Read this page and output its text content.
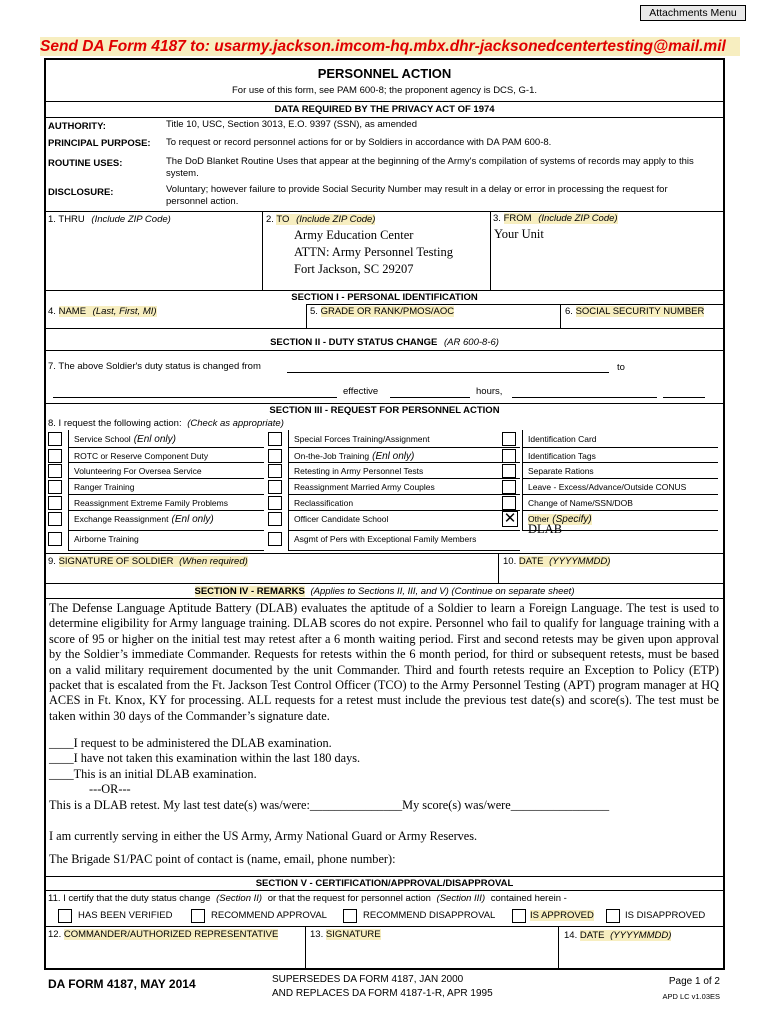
Attachments Menu
Send DA Form 4187 to: usarmy.jackson.imcom-hq.mbx.dhr-jacksonedcentertesting@mail.mil
PERSONNEL ACTION
For use of this form, see PAM 600-8; the proponent agency is DCS, G-1.
DATA REQUIRED BY THE PRIVACY ACT OF 1974
AUTHORITY:	Title 10, USC, Section 3013, E.O. 9397 (SSN), as amended
PRINCIPAL PURPOSE: To request or record personnel actions for or by Soldiers in accordance with DA PAM 600-8.
ROUTINE USES:	The DoD Blanket Routine Uses that appear at the beginning of the Army's compilation of systems of records may apply to this system.
DISCLOSURE:	Voluntary; however failure to provide Social Security Number may result in a delay or error in processing the request for personnel action.
1. THRU (Include ZIP Code)	2. TO (Include ZIP Code)
Army Education Center
ATTN: Army Personnel Testing
Fort Jackson, SC 29207
3. FROM (Include ZIP Code)
Your Unit
SECTION I - PERSONAL IDENTIFICATION
4. NAME (Last, First, MI)	5. GRADE OR RANK/PMOS/AOC	6. SOCIAL SECURITY NUMBER
SECTION II - DUTY STATUS CHANGE (AR 600-8-6)
7. The above Soldier's duty status is changed from	to
effective	hours,
SECTION III - REQUEST FOR PERSONNEL ACTION
8. I request the following action: (Check as appropriate)
Service School (Enl only)
ROTC or Reserve Component Duty
Volunteering For Oversea Service
Ranger Training
Reassignment Extreme Family Problems
Exchange Reassignment (Enl only)
Airborne Training
Special Forces Training/Assignment
On-the-Job Training (Enl only)
Retesting in Army Personnel Tests
Reassignment Married Army Couples
Reclassification
Officer Candidate School
Asgmt of Pers with Exceptional Family Members
Identification Card
Identification Tags
Separate Rations
Leave - Excess/Advance/Outside CONUS
Change of Name/SSN/DOB
✕ Other (Specify)
DLAB
9. SIGNATURE OF SOLDIER (When required)	10. DATE (YYYYMMDD)
SECTION IV - REMARKS (Applies to Sections II, III, and V) (Continue on separate sheet)

The Defense Language Aptitude Battery (DLAB) evaluates the aptitude of a Soldier to learn a Foreign Language. The test is used to determine eligibility for Army language training. DLAB scores do not expire. Personnel who fail to qualify for language training with a score of 95 or higher on the initial test may retest after a 6 month waiting period. First and second retests may be given upon approval by the Soldier’s immediate Commander. Requests for retests within the 6 month period, for third or subsequent retests, must be based on a valid military requirement documented by the unit Commander. Third and fourth retests require an Exception to Policy (ETP) packet that is escalated from the Ft. Jackson Test Control Officer (TCO) to the Army Personnel Testing (APT) program manager at HQ ACES in Ft. Knox, KY for processing. ALL requests for a retest must include the previous test date(s) and score(s). The test must be taken within 30 days of the Commander’s signature date.

____I request to be administered the DLAB examination.
____I have not taken this examination within the last 180 days.
____This is an initial DLAB examination.
---OR---
This is a DLAB retest. My last test date(s) was/were:_______________My score(s) was/were________________
I am currently serving in either the US Army, Army National Guard or Army Reserves.
The Brigade S1/PAC point of contact is (name, email, phone number):
SECTION V - CERTIFICATION/APPROVAL/DISAPPROVAL
11. I certify that the duty status change (Section II) or that the request for personnel action (Section III) contained herein -
HAS BEEN VERIFIED	RECOMMEND APPROVAL	RECOMMEND DISAPPROVAL	IS APPROVED	IS DISAPPROVED
12. COMMANDER/AUTHORIZED REPRESENTATIVE	13. SIGNATURE	14. DATE (YYYYMMDD)
DA FORM 4187, MAY 2014	SUPERSEDES DA FORM 4187, JAN 2000
AND REPLACES DA FORM 4187-1-R, APR 1995
Page 1 of 2
APD LC v1.03ES
